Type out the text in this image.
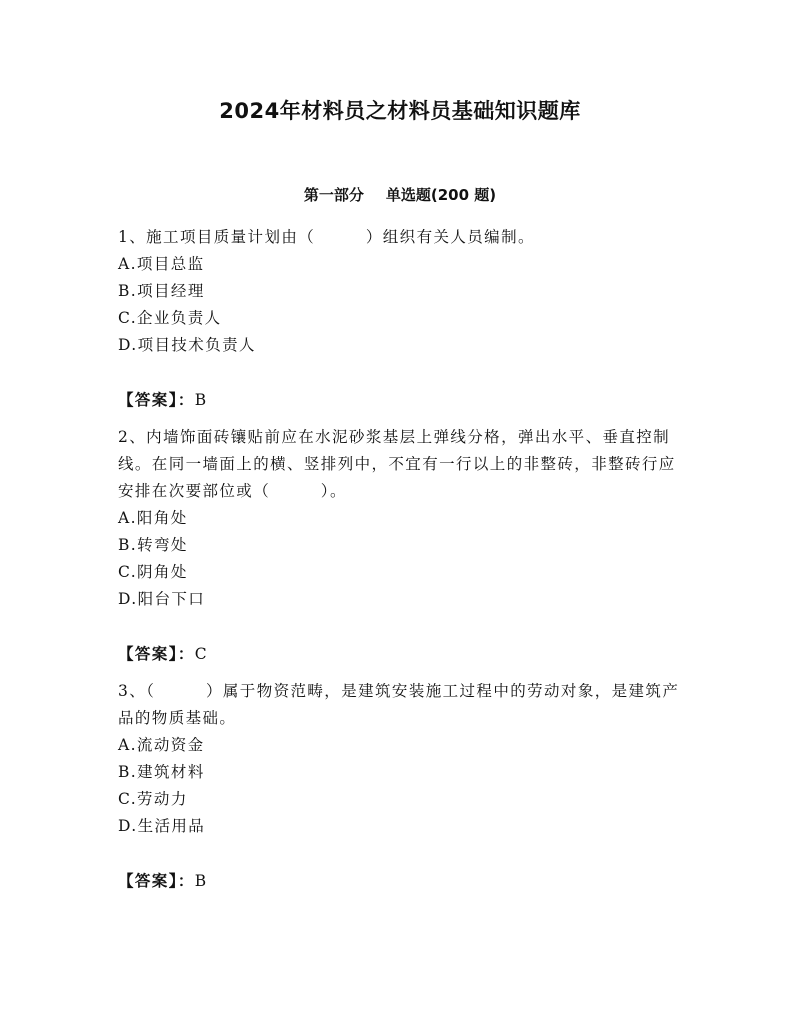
2024年材料员之材料员基础知识题库
第一部分 单选题(200 题)

1、施工项目质量计划由（　　　）组织有关人员编制。

A.项目总监

B.项目经理

C.企业负责人

D.项目技术负责人

【答案】：B

2、内墙饰面砖镶贴前应在水泥砂浆基层上弹线分格，弹出水平、垂直控制线。在同一墙面上的横、竖排列中，不宜有一行以上的非整砖，非整砖行应安排在次要部位或（　　　）。

A.阳角处

B.转弯处

C.阴角处

D.阳台下口

【答案】：C

3、（　　　）属于物资范畴，是建筑安装施工过程中的劳动对象，是建筑产品的物质基础。

A.流动资金

B.建筑材料

C.劳动力

D.生活用品

【答案】：B
